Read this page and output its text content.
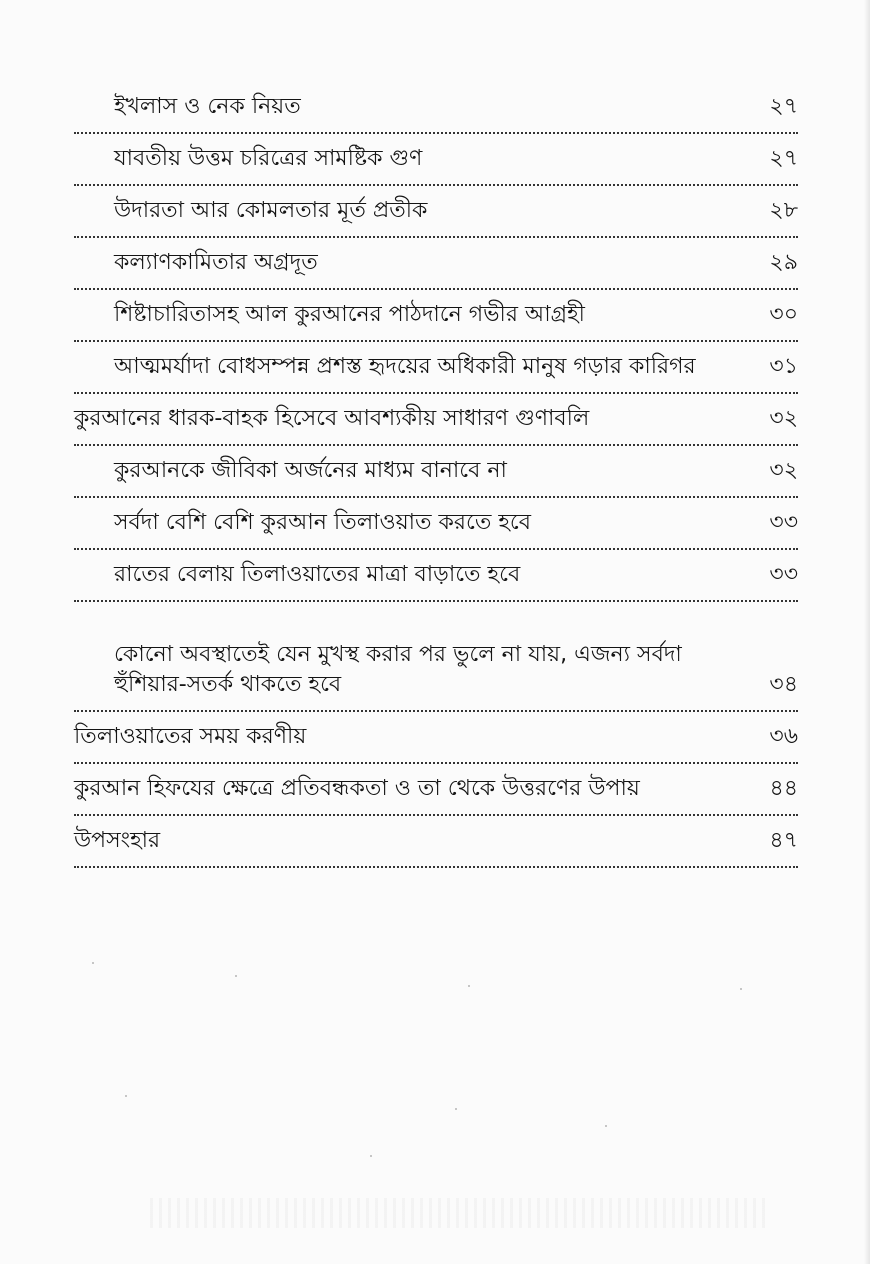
ইখলাস ও নেক নিয়ত	২৭
যাবতীয় উত্তম চরিত্রের সামষ্টিক গুণ	২৭
উদারতা আর কোমলতার মূর্ত প্রতীক	২৮
কল্যাণকামিতার অগ্রদূত	২৯
শিষ্টাচারিতাসহ আল কুরআনের পাঠদানে গভীর আগ্রহী	৩০
আত্মমর্যাদা বোধসম্পন্ন প্রশস্ত হৃদয়ের অধিকারী মানুষ গড়ার কারিগর	৩১
কুরআনের ধারক-বাহক হিসেবে আবশ্যকীয় সাধারণ গুণাবলি	৩২
কুরআনকে জীবিকা অর্জনের মাধ্যম বানাবে না	৩২
সর্বদা বেশি বেশি কুরআন তিলাওয়াত করতে হবে	৩৩
রাতের বেলায় তিলাওয়াতের মাত্রা বাড়াতে হবে	৩৩
কোনো অবস্থাতেই যেন মুখস্থ করার পর ভুলে না যায়, এজন্য সর্বদা হুঁশিয়ার-সতর্ক থাকতে হবে	৩৪
তিলাওয়াতের সময় করণীয়	৩৬
কুরআন হিফযের ক্ষেত্রে প্রতিবন্ধকতা ও তা থেকে উত্তরণের উপায়	৪৪
উপসংহার	৪৭
